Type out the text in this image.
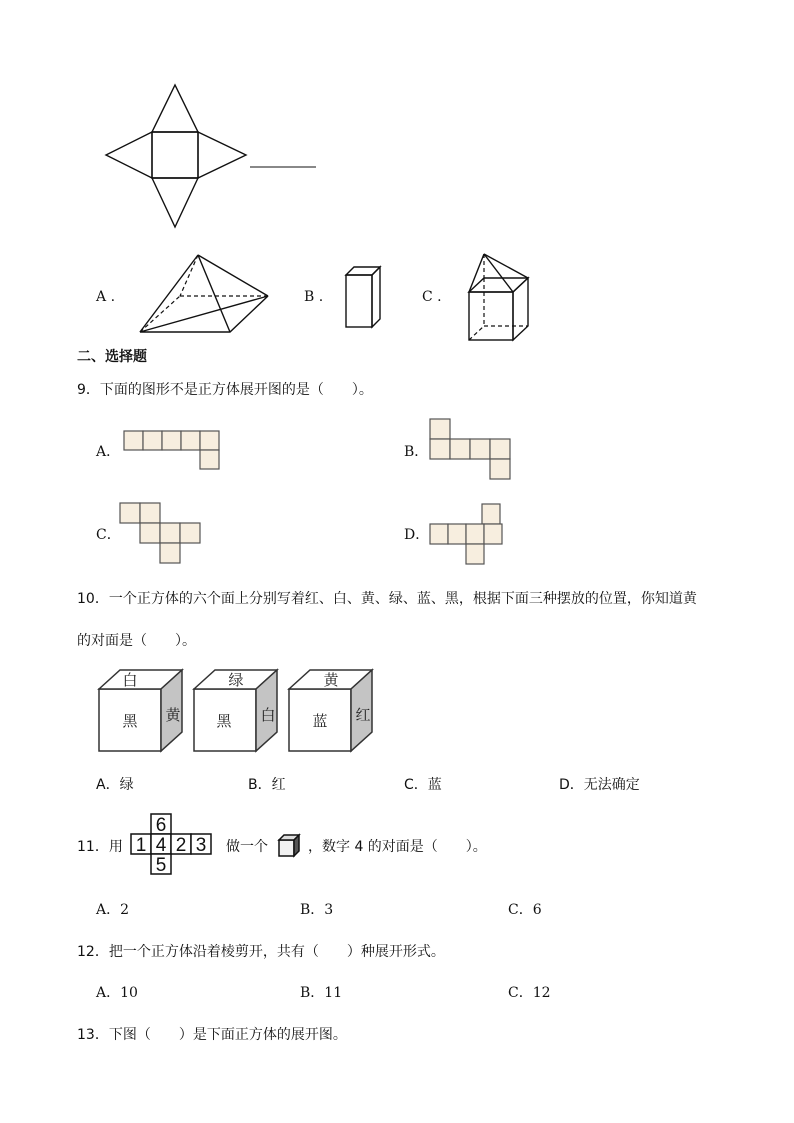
A .	B .	C .
二、选择题
9．下面的图形不是正方体展开图的是（　　）。
A．	B．
C．	D．
10．一个正方体的六个面上分别写着红、白、黄、绿、蓝、黑，根据下面三种摆放的位置，你知道黄
的对面是（　　）。
白
黑 黄
绿
黑 白
黄
蓝 红
A．绿	B．红	C．蓝	D．无法确定
11．用
6
1 4 2 3
5
做一个	，数字 4 的对面是（　　）。
A．2	B．3	C．6
12．把一个正方体沿着棱剪开，共有（　　）种展开形式。
A．10	B．11	C．12
13．下图（　　）是下面正方体的展开图。
